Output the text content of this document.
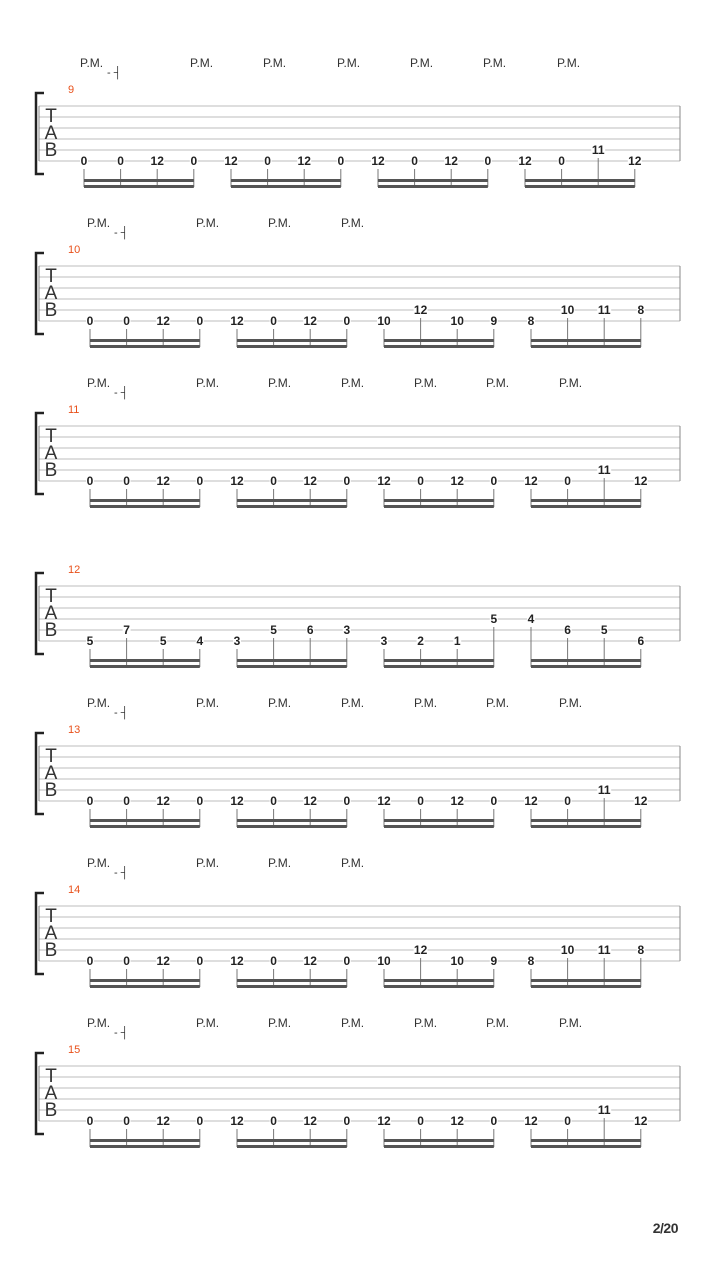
P.M.
- ┤
P.M.	P.M.	P.M.	P.M.	P.M.	P.M.
9
T
A
B 0 0 12 0 12 0 12 0 12 0 12 0 12 0
11
12
P.M.
- ┤
P.M.	P.M.	P.M.
10
T
A
B 0 0 12 0 12 0 12 0 10
12
10 9	8
10 11 8
P.M.
- ┤
P.M.	P.M.	P.M.	P.M.	P.M.	P.M.
11
T
A
B 0 0 12 0 12 0 12 0 12 0 12 0 12 0
11
12
12
T
A
B 5
7
5 4	3
5 6 3
3 2 1
5	4
6 5
6
P.M.
- ┤
P.M.	P.M.	P.M.	P.M.	P.M.	P.M.
13
T
A
B 0 0 12 0 12 0 12 0 12 0 12 0 12 0
11
12
P.M.
- ┤
P.M.	P.M.	P.M.
14
T
A
B 0 0 12 0 12 0 12 0 10
12
10 9	8
10 11 8
P.M.
- ┤
P.M.	P.M.	P.M.	P.M.	P.M.	P.M.
15
T
A
B 0 0 12 0 12 0 12 0 12 0 12 0 12 0
11
12
2/20
